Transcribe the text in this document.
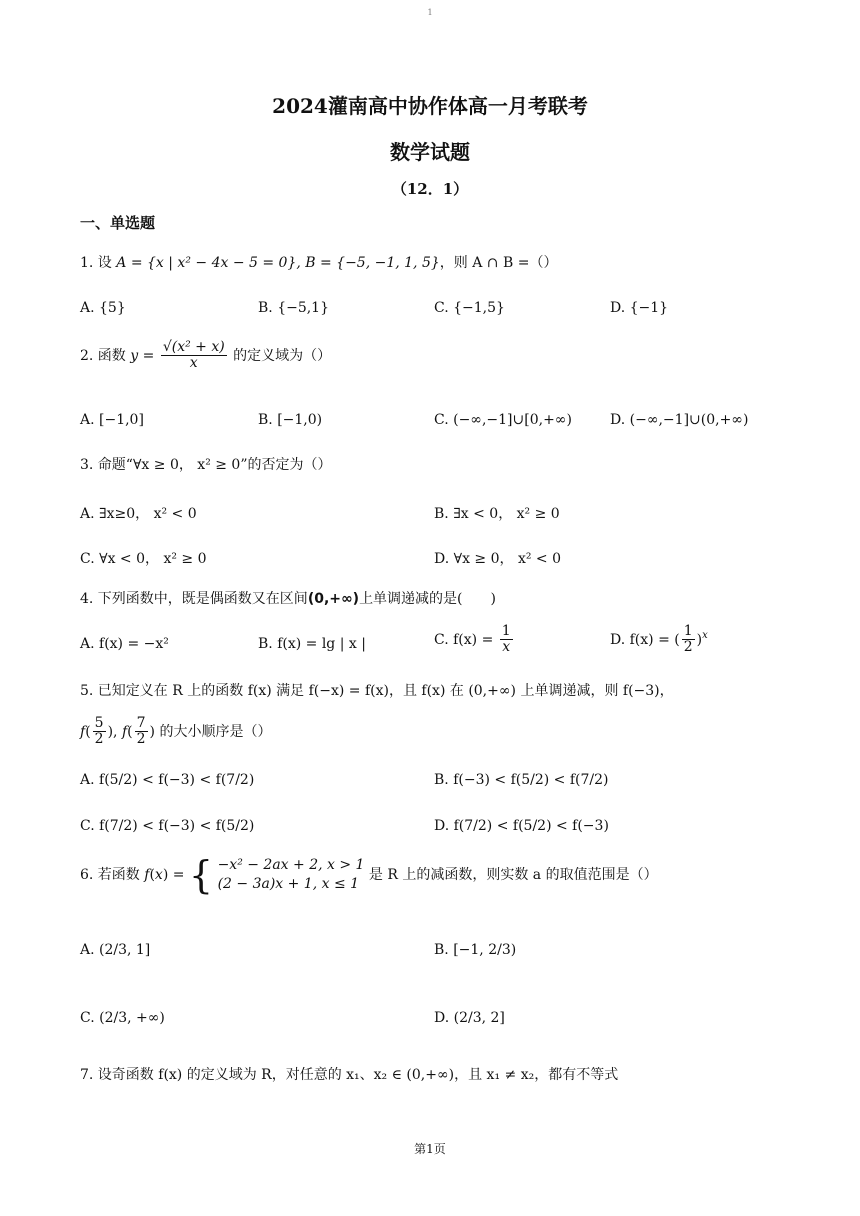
1
2024灌南高中协作体高一月考联考
数学试题
（12．1）
一、单选题
1. 设 A = {x | x² − 4x − 5 = 0}, B = {−5, −1, 1, 5}，则 A ∩ B =（）
A. {5}	B. {−5,1}	C. {−1,5}	D. {−1}
2. 函数 $y = \frac{\text{√(x² + x)}}{x}$ 的定义域为（）
A. [−1,0]	B. [−1,0)	C. (−∞,−1]∪[0,+∞)	D. (−∞,−1]∪(0,+∞)
3. 命题“∀x ≥ 0， x² ≥ 0”的否定为（）
A. ∃x≥0， x² < 0	B. ∃x < 0， x² ≥ 0
C. ∀x < 0， x² ≥ 0	D. ∀x ≥ 0， x² < 0
4. 下列函数中，既是偶函数又在区间(0,+∞)上单调递减的是(　　)
A. f(x) = −x²	B. f(x) = lg | x |	C. $f(x) = \frac{1}{x}$	D. f(x) = ( $\frac{1}{2} )^x$
5. 已知定义在 R 上的函数 f(x) 满足 f(−x) = f(x)，且 f(x) 在 (0,+∞) 上单调递减，则 f(−3)，
$f( \frac{5}{2}$ ), $f( \frac{7}{2}$ ) 的大小顺序是（）
A. f(5/2) < f(−3) < f(7/2)	B. f(−3) < f(5/2) < f(7/2)
C. f(7/2) < f(−3) < f(5/2)	D. f(7/2) < f(5/2) < f(−3)
6. 若函数 f(x) = { −x² − 2ax + 2, x > 1
(2 − 3a)x + 1, x ≤ 1
是 R 上的减函数，则实数 a 的取值范围是（）
A. (2/3, 1]	B. [−1, 2/3)
C. (2/3, +∞)	D. (2/3, 2]
7. 设奇函数 f(x) 的定义域为 R，对任意的 x₁、x₂ ∈ (0,+∞)，且 x₁ ≠ x₂，都有不等式
第1页
